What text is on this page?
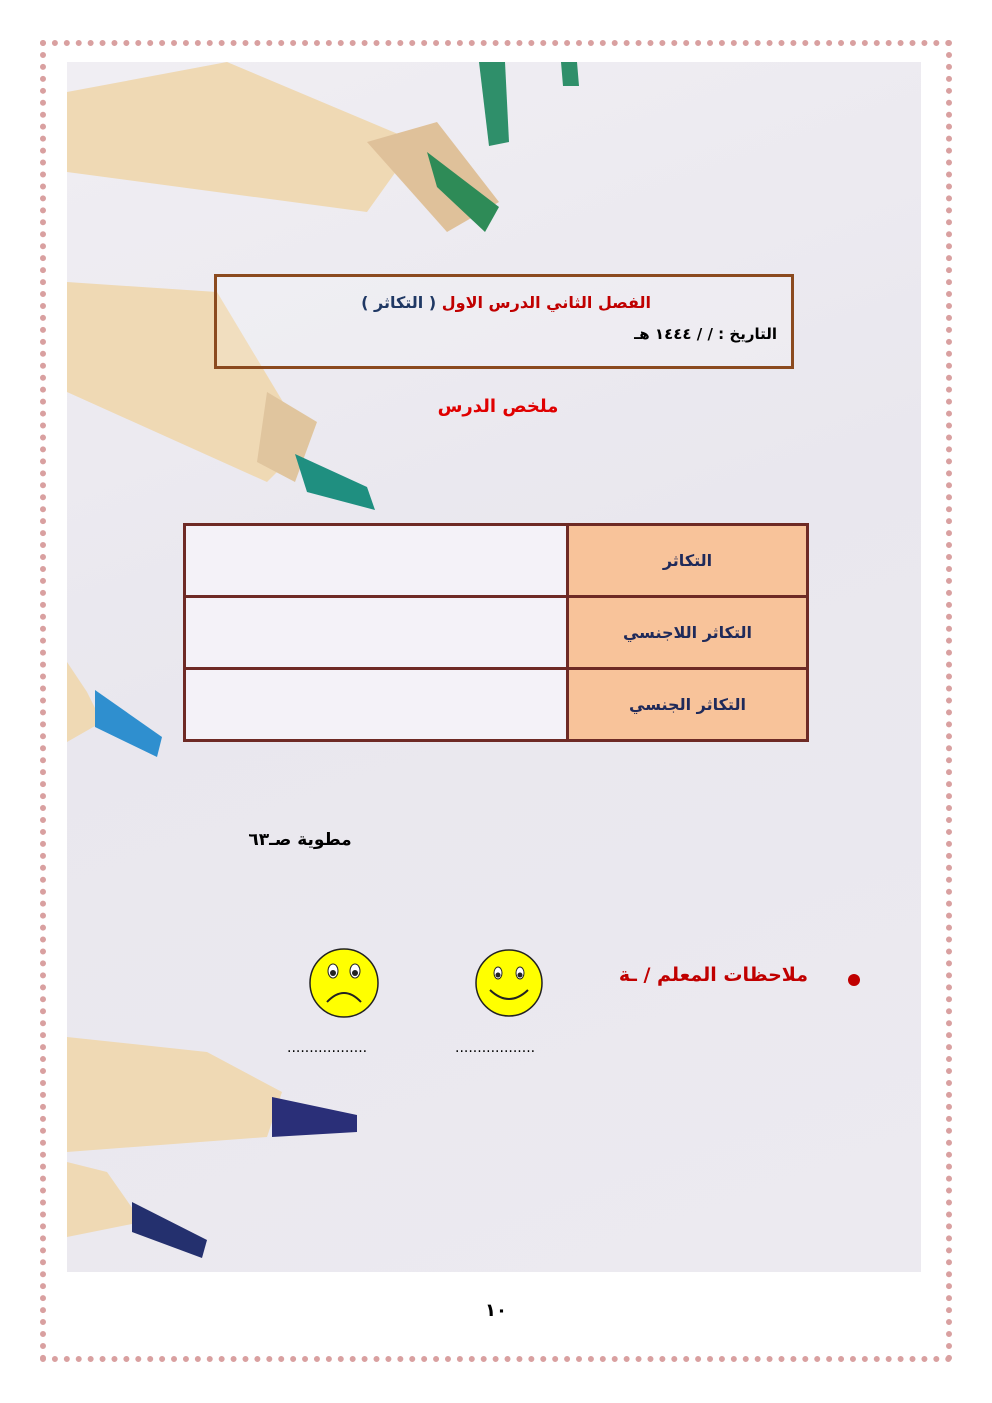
الفصل الثاني الدرس الاول ( التكاثر )
التاريخ : / / ١٤٤٤ هـ
ملخص الدرس
التكاثر	
التكاثر اللاجنسي	
التكاثر الجنسي	
مطوية صـ٦٣
ملاحظات المعلم / ـة
..................
..................
١٠
